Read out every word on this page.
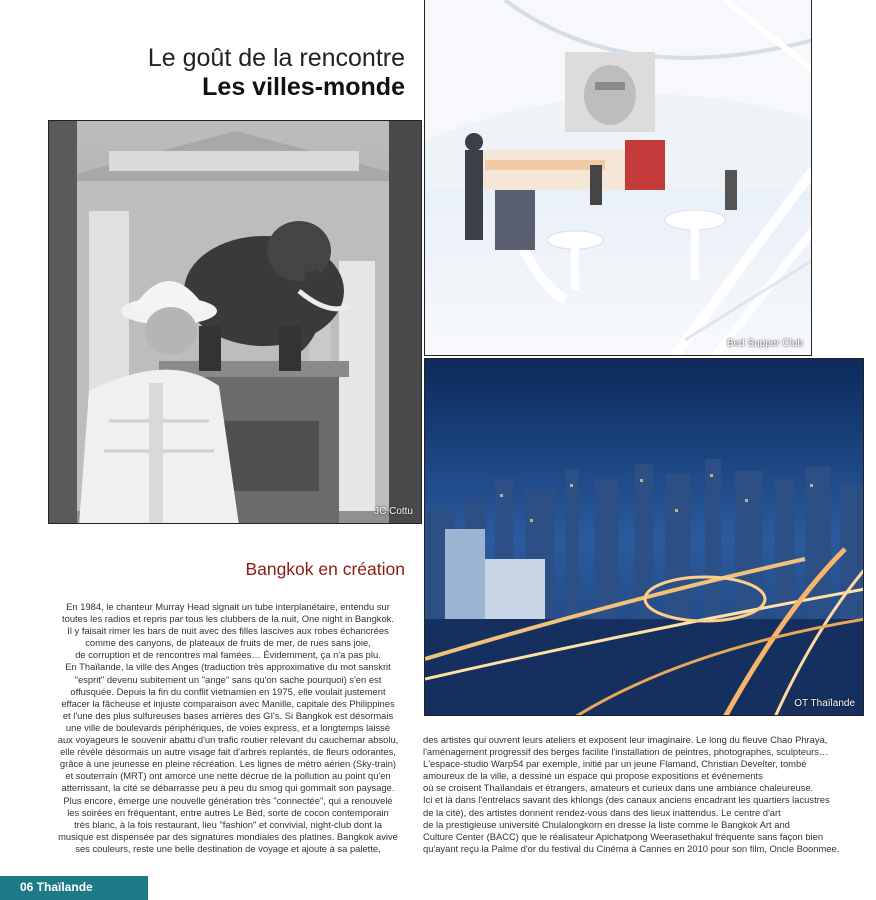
Le goût de la rencontre
Les villes-monde
JC Cottu
Bed Supper Club
OT Thaïlande
Bangkok en création

En 1984, le chanteur Murray Head signait un tube interplanétaire, entendu sur

toutes les radios et repris par tous les clubbers de la nuit, One night in Bangkok.

Il y faisait rimer les bars de nuit avec des filles lascives aux robes échancrées

comme des canyons, de plateaux de fruits de mer, de rues sans joie,

de corruption et de rencontres mal famées… Évidemment, ça n'a pas plu.

En Thaïlande, la ville des Anges (traduction très approximative du mot sanskrit

"esprit" devenu subitement un "ange" sans qu'on sache pourquoi) s'en est

offusquée. Depuis la fin du conflit vietnamien en 1975, elle voulait justement

effacer la fâcheuse et injuste comparaison avec Manille, capitale des Philippines

et l'une des plus sulfureuses bases arrières des GI's. Si Bangkok est désormais

une ville de boulevards périphériques, de voies express, et a longtemps laissé

aux voyageurs le souvenir abattu d'un trafic routier relevant du cauchemar absolu,

elle révèle désormais un autre visage fait d'arbres replantés, de fleurs odorantes,

grâce à une jeunesse en pleine récréation. Les lignes de métro aérien (Sky-train)

et souterrain (MRT) ont amorcé une nette décrue de la pollution au point qu'en

atterrissant, la cité se débarrasse peu à peu du smog qui gommait son paysage.

Plus encore, émerge une nouvelle génération très "connectée", qui a renouvelé

les soirées en fréquentant, entre autres Le Bed, sorte de cocon contemporain

très blanc, à la fois restaurant, lieu "fashion" et convivial, night-club dont la

musique est dispensée par des signatures mondiales des platines. Bangkok avive

ses couleurs, reste une belle destination de voyage et ajoute à sa palette,

des artistes qui ouvrent leurs ateliers et exposent leur imaginaire. Le long du fleuve Chao Phraya,

l'aménagement progressif des berges facilite l'installation de peintres, photographes, sculpteurs…

L'espace-studio Warp54 par exemple, initié par un jeune Flamand, Christian Develter, tombé

amoureux de la ville, a dessiné un espace qui propose expositions et événements

où se croisent Thaïlandais et étrangers, amateurs et curieux dans une ambiance chaleureuse.

Ici et là dans l'entrelacs savant des khlongs (des canaux anciens encadrant les quartiers lacustres

de la cité), des artistes donnent rendez-vous dans des lieux inattendus. Le centre d'art

de la prestigieuse université Chulalongkorn en dresse la liste comme le Bangkok Art and

Culture Center (BACC) que le réalisateur Apichatpong Weerasethakul fréquente sans façon bien

qu'ayant reçu la Palme d'or du festival du Cinéma à Cannes en 2010 pour son film, Oncle Boonmee.

06 Thaïlande
